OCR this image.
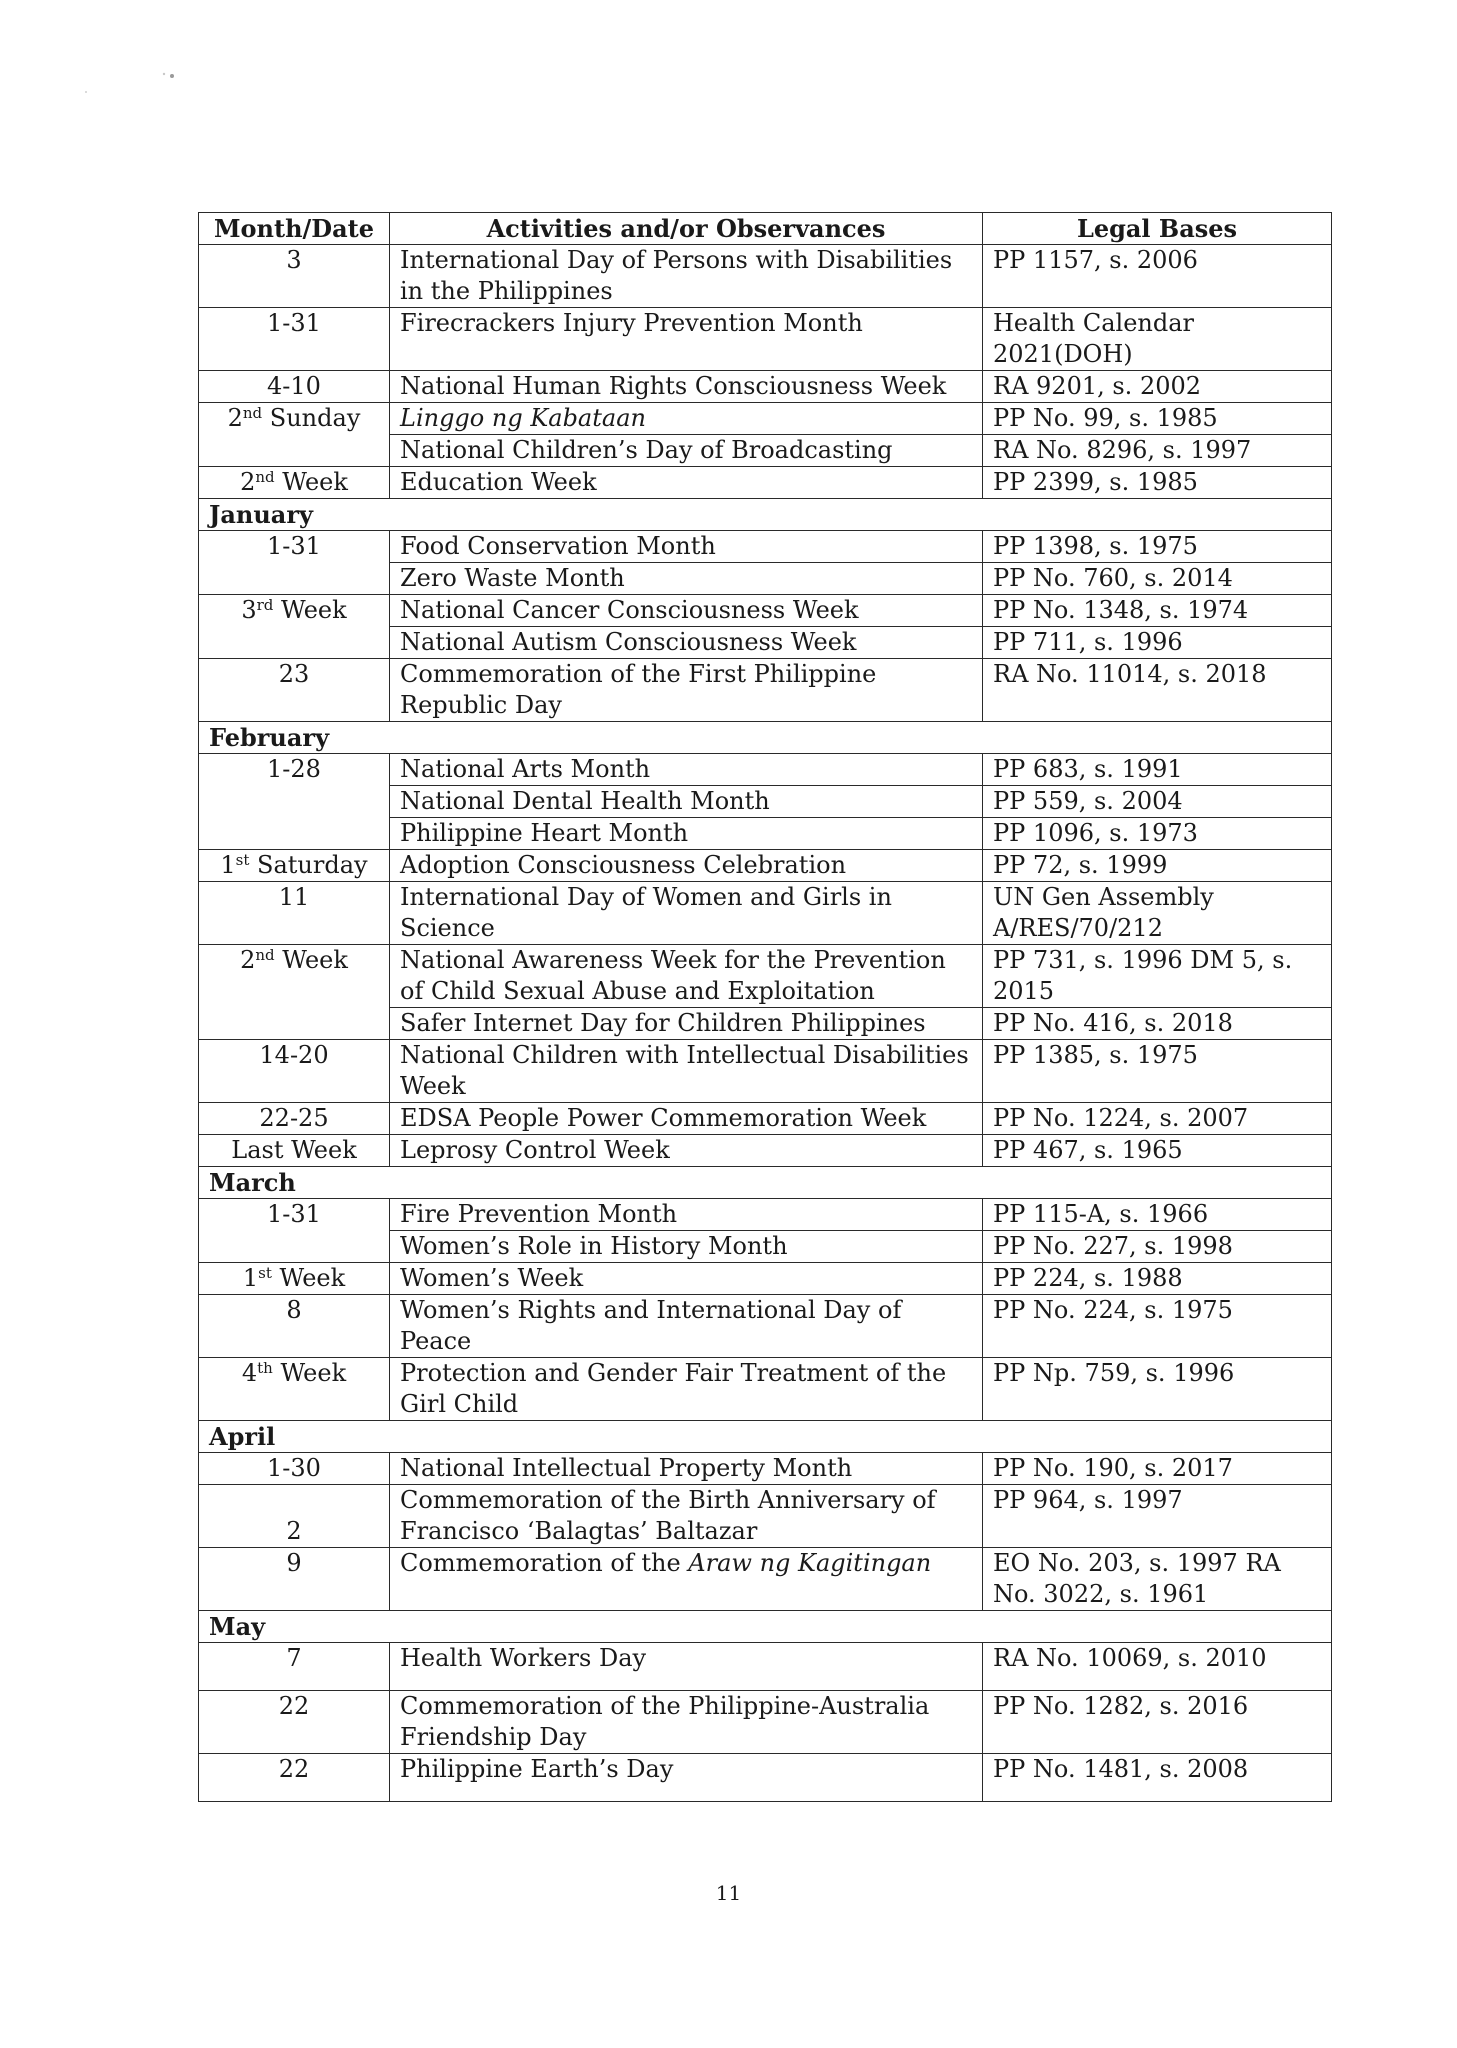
Month/Date	Activities and/or Observances	Legal Bases
3	International Day of Persons with Disabilities in the Philippines	PP 1157, s. 2006
1-31	Firecrackers Injury Prevention Month	Health Calendar 2021(DOH)
4-10	National Human Rights Consciousness Week	RA 9201, s. 2002
2nd Sunday	Linggo ng Kabataan	PP No. 99, s. 1985
	National Children’s Day of Broadcasting	RA No. 8296, s. 1997
2nd Week	Education Week	PP 2399, s. 1985
January		
1-31	Food Conservation Month	PP 1398, s. 1975
	Zero Waste Month	PP No. 760, s. 2014
3rd Week	National Cancer Consciousness Week	PP No. 1348, s. 1974
	National Autism Consciousness Week	PP 711, s. 1996
23	Commemoration of the First Philippine Republic Day	RA No. 11014, s. 2018
February		
1-28	National Arts Month	PP 683, s. 1991
	National Dental Health Month	PP 559, s. 2004
	Philippine Heart Month	PP 1096, s. 1973
1st Saturday	Adoption Consciousness Celebration	PP 72, s. 1999
11	International Day of Women and Girls in Science	UN Gen Assembly A/RES/70/212
2nd Week	National Awareness Week for the Prevention of Child Sexual Abuse and Exploitation	PP 731, s. 1996 DM 5, s. 2015
	Safer Internet Day for Children Philippines	PP No. 416, s. 2018
14-20	National Children with Intellectual Disabilities Week	PP 1385, s. 1975
22-25	EDSA People Power Commemoration Week	PP No. 1224, s. 2007
Last Week	Leprosy Control Week	PP 467, s. 1965
March		
1-31	Fire Prevention Month	PP 115-A, s. 1966
	Women’s Role in History Month	PP No. 227, s. 1998
1st Week	Women’s Week	PP 224, s. 1988
8	Women’s Rights and International Day of Peace	PP No. 224, s. 1975
4th Week	Protection and Gender Fair Treatment of the Girl Child	PP Np. 759, s. 1996
April		
1-30	National Intellectual Property Month	PP No. 190, s. 2017
2	Commemoration of the Birth Anniversary of Francisco ‘Balagtas’ Baltazar	PP 964, s. 1997
9	Commemoration of the Araw ng Kagitingan	EO No. 203, s. 1997 RA No. 3022, s. 1961
May		
7	Health Workers Day	RA No. 10069, s. 2010
22	Commemoration of the Philippine-Australia Friendship Day	PP No. 1282, s. 2016
22	Philippine Earth’s Day	PP No. 1481, s. 2008
11
